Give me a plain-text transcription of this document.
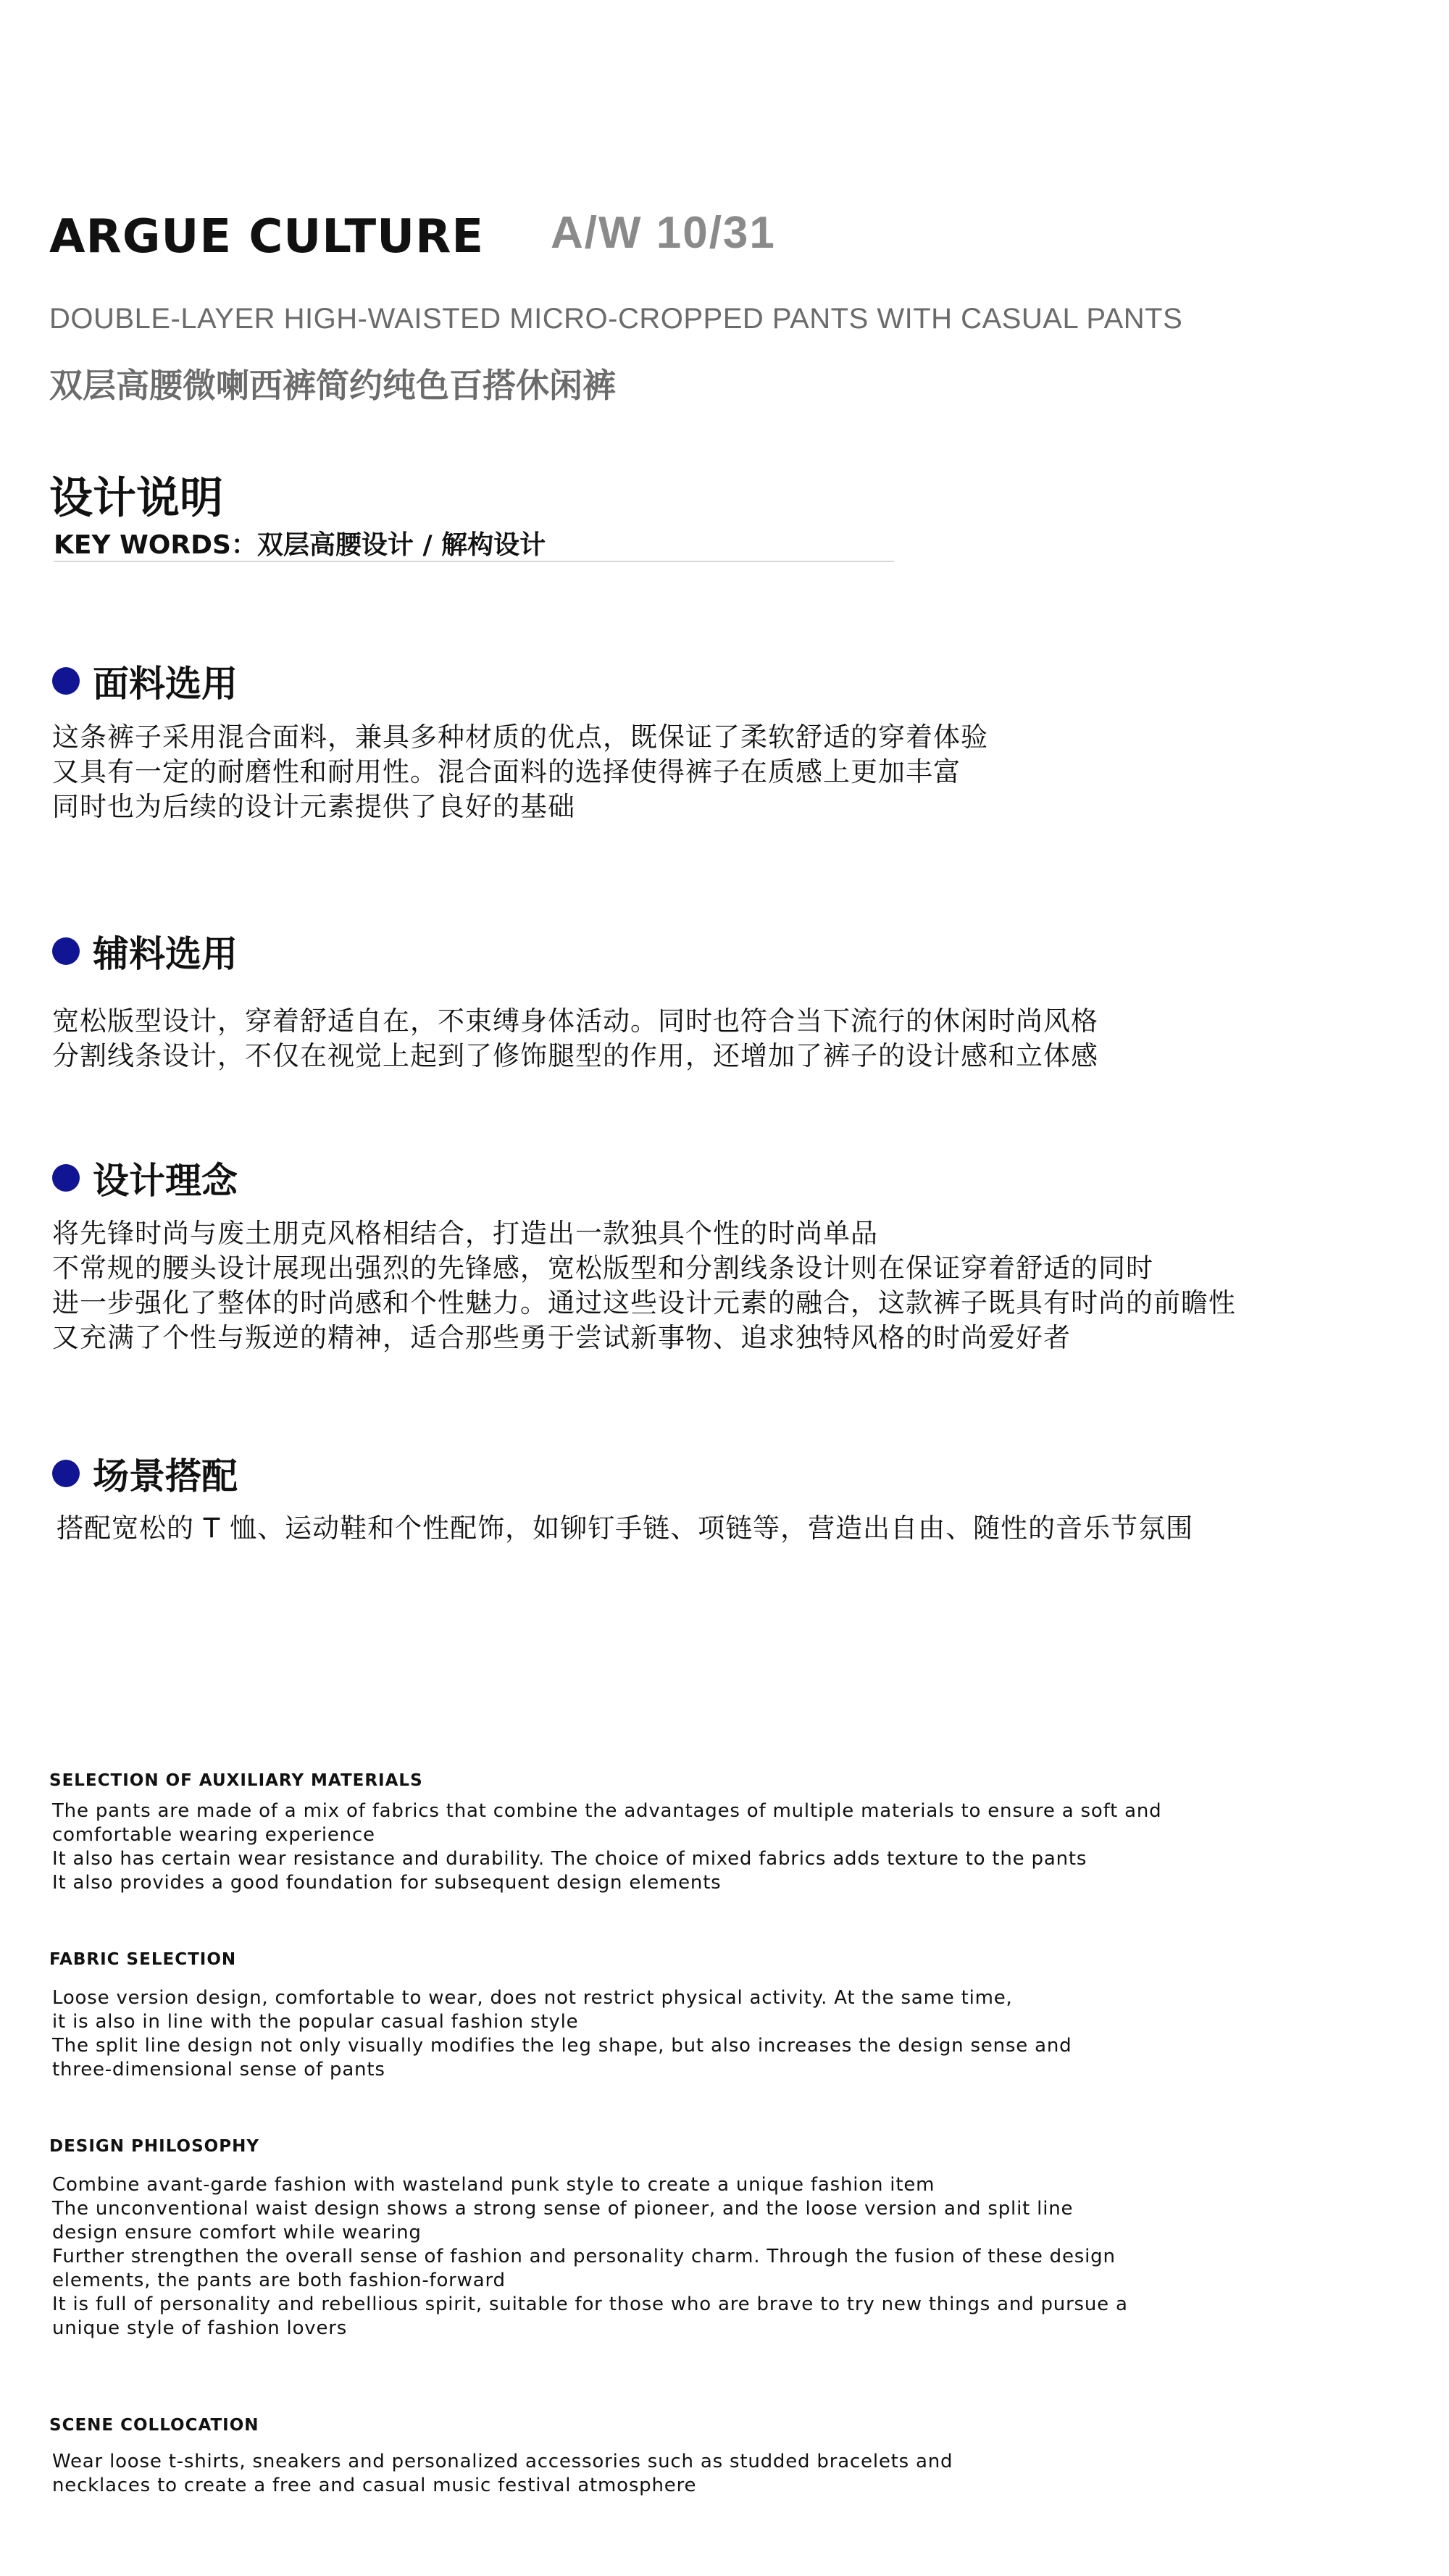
ARGUE CULTURE A/W 10/31
DOUBLE-LAYER HIGH-WAISTED MICRO-CROPPED PANTS WITH CASUAL PANTS
双层高腰微喇西裤简约纯色百搭休闲裤
设计说明
KEY WORDS：双层高腰设计 / 解构设计
面料选用
这条裤子采用混合面料，兼具多种材质的优点，既保证了柔软舒适的穿着体验
又具有一定的耐磨性和耐用性。混合面料的选择使得裤子在质感上更加丰富
同时也为后续的设计元素提供了良好的基础
辅料选用
宽松版型设计，穿着舒适自在，不束缚身体活动。同时也符合当下流行的休闲时尚风格
分割线条设计，不仅在视觉上起到了修饰腿型的作用，还增加了裤子的设计感和立体感
设计理念
将先锋时尚与废土朋克风格相结合，打造出一款独具个性的时尚单品
不常规的腰头设计展现出强烈的先锋感，宽松版型和分割线条设计则在保证穿着舒适的同时
进一步强化了整体的时尚感和个性魅力。通过这些设计元素的融合，这款裤子既具有时尚的前瞻性
又充满了个性与叛逆的精神，适合那些勇于尝试新事物、追求独特风格的时尚爱好者
场景搭配
搭配宽松的 T 恤、运动鞋和个性配饰，如铆钉手链、项链等，营造出自由、随性的音乐节氛围
SELECTION OF AUXILIARY MATERIALS
The pants are made of a mix of fabrics that combine the advantages of multiple materials to ensure a soft and
comfortable wearing experience
It also has certain wear resistance and durability. The choice of mixed fabrics adds texture to the pants
It also provides a good foundation for subsequent design elements
FABRIC SELECTION
Loose version design, comfortable to wear, does not restrict physical activity. At the same time,
it is also in line with the popular casual fashion style
The split line design not only visually modifies the leg shape, but also increases the design sense and
three-dimensional sense of pants
DESIGN PHILOSOPHY
Combine avant-garde fashion with wasteland punk style to create a unique fashion item
The unconventional waist design shows a strong sense of pioneer, and the loose version and split line
design ensure comfort while wearing
Further strengthen the overall sense of fashion and personality charm. Through the fusion of these design
elements, the pants are both fashion-forward
It is full of personality and rebellious spirit, suitable for those who are brave to try new things and pursue a
unique style of fashion lovers
SCENE COLLOCATION
Wear loose t-shirts, sneakers and personalized accessories such as studded bracelets and
necklaces to create a free and casual music festival atmosphere
